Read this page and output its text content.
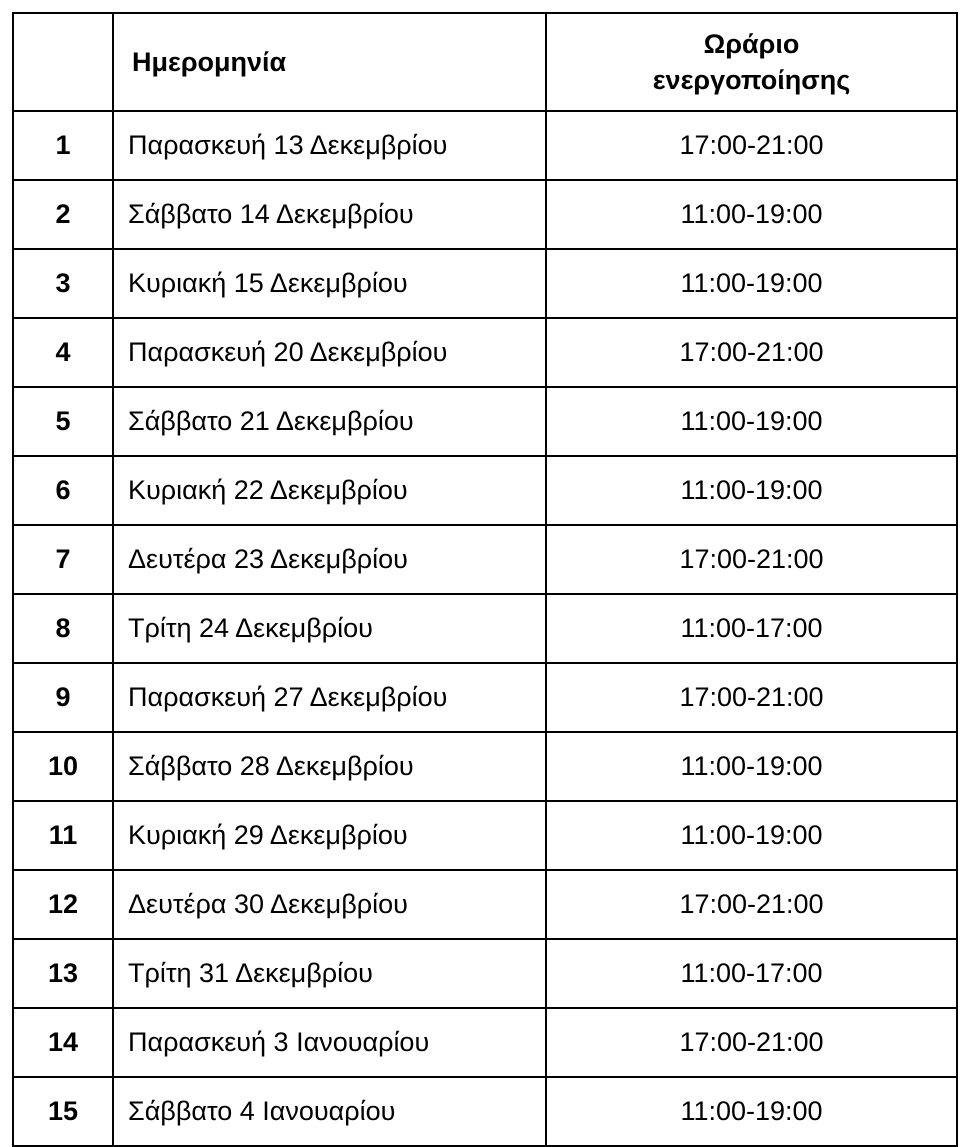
	Ημερομηνία	Ωράριο
ενεργοποίησης

1	Παρασκευή 13 Δεκεμβρίου	17:00-21:00
2	Σάββατο 14 Δεκεμβρίου	11:00-19:00
3	Κυριακή 15 Δεκεμβρίου	11:00-19:00
4	Παρασκευή 20 Δεκεμβρίου	17:00-21:00
5	Σάββατο 21 Δεκεμβρίου	11:00-19:00
6	Κυριακή 22 Δεκεμβρίου	11:00-19:00
7	Δευτέρα 23 Δεκεμβρίου	17:00-21:00
8	Τρίτη 24 Δεκεμβρίου	11:00-17:00
9	Παρασκευή 27 Δεκεμβρίου	17:00-21:00
10	Σάββατο 28 Δεκεμβρίου	11:00-19:00
11	Κυριακή 29 Δεκεμβρίου	11:00-19:00
12	Δευτέρα 30 Δεκεμβρίου	17:00-21:00
13	Τρίτη 31 Δεκεμβρίου	11:00-17:00
14	Παρασκευή 3 Ιανουαρίου	17:00-21:00
15	Σάββατο 4 Ιανουαρίου	11:00-19:00
